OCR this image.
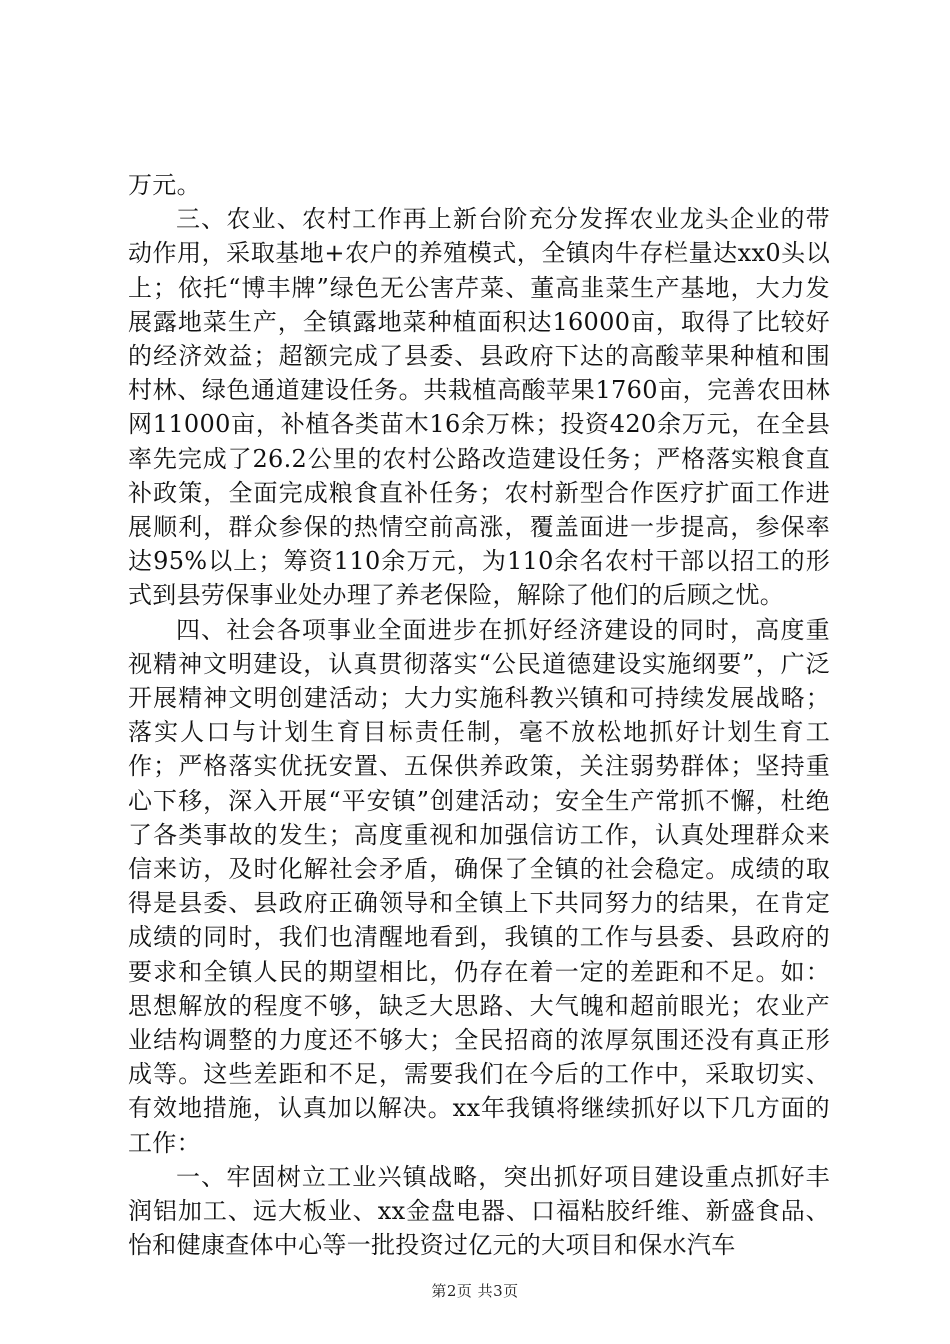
万元。

三、农业、农村工作再上新台阶充分发挥农业龙头企业的带动作用，采取基地+农户的养殖模式，全镇肉牛存栏量达xx0头以上；依托“博丰牌”绿色无公害芹菜、董高韭菜生产基地，大力发展露地菜生产，全镇露地菜种植面积达16000亩，取得了比较好的经济效益；超额完成了县委、县政府下达的高酸苹果种植和围村林、绿色通道建设任务。共栽植高酸苹果1760亩，完善农田林网11000亩，补植各类苗木16余万株；投资420余万元，在全县率先完成了26.2公里的农村公路改造建设任务；严格落实粮食直补政策，全面完成粮食直补任务；农村新型合作医疗扩面工作进展顺利，群众参保的热情空前高涨，覆盖面进一步提高，参保率达95%以上；筹资110余万元，为110余名农村干部以招工的形式到县劳保事业处办理了养老保险，解除了他们的后顾之忧。

四、社会各项事业全面进步在抓好经济建设的同时，高度重视精神文明建设，认真贯彻落实“公民道德建设实施纲要”，广泛开展精神文明创建活动；大力实施科教兴镇和可持续发展战略；落实人口与计划生育目标责任制，毫不放松地抓好计划生育工作；严格落实优抚安置、五保供养政策，关注弱势群体；坚持重心下移，深入开展“平安镇”创建活动；安全生产常抓不懈，杜绝了各类事故的发生；高度重视和加强信访工作，认真处理群众来信来访，及时化解社会矛盾，确保了全镇的社会稳定。成绩的取得是县委、县政府正确领导和全镇上下共同努力的结果，在肯定成绩的同时，我们也清醒地看到，我镇的工作与县委、县政府的要求和全镇人民的期望相比，仍存在着一定的差距和不足。如：思想解放的程度不够，缺乏大思路、大气魄和超前眼光；农业产业结构调整的力度还不够大；全民招商的浓厚氛围还没有真正形成等。这些差距和不足，需要我们在今后的工作中，采取切实、有效地措施，认真加以解决。xx年我镇将继续抓好以下几方面的工作：

一、牢固树立工业兴镇战略，突出抓好项目建设重点抓好丰润铝加工、远大板业、xx金盘电器、口福粘胶纤维、新盛食品、怡和健康查体中心等一批投资过亿元的大项目和保水汽车

第2页 共3页
